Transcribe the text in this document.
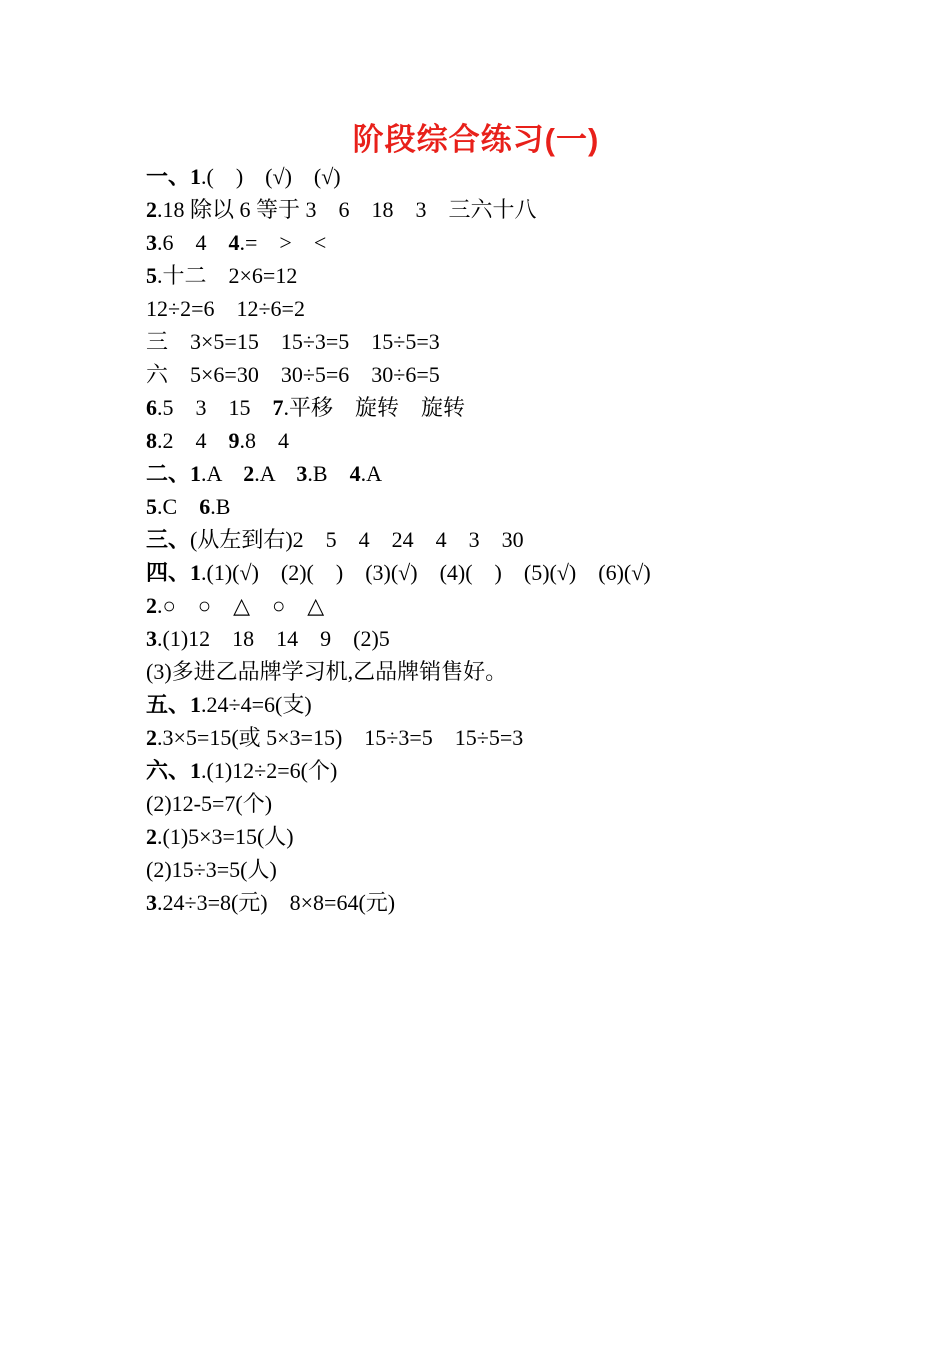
阶段综合练习(一)
一、1.(　)　(√)　(√)
2.18 除以 6 等于 3　6　18　3　三六十八
3.6　4　4.=　>　<
5.十二　2×6=12
12÷2=6　12÷6=2
三　3×5=15　15÷3=5　15÷5=3
六　5×6=30　30÷5=6　30÷6=5
6.5　3　15　7.平移　旋转　旋转
8.2　4　9.8　4
二、1.A　2.A　3.B　4.A
5.C　6.B
三、(从左到右)2　5　4　24　4　3　30
四、1.(1)(√)　(2)(　)　(3)(√)　(4)(　)　(5)(√)　(6)(√)
2.○　○　△　○　△
3.(1)12　18　14　9　(2)5
(3)多进乙品牌学习机,乙品牌销售好。
五、1.24÷4=6(支)
2.3×5=15(或 5×3=15)　15÷3=5　15÷5=3
六、1.(1)12÷2=6(个)
(2)12-5=7(个)
2.(1)5×3=15(人)
(2)15÷3=5(人)
3.24÷3=8(元)　8×8=64(元)
